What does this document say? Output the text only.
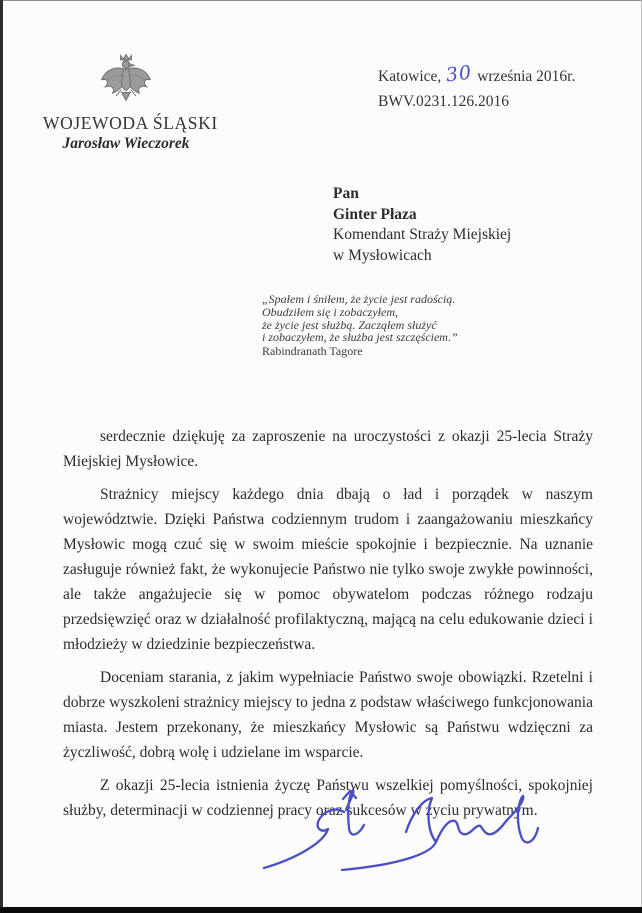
WOJEWODA ŚLĄSKI
Jarosław Wieczorek
Katowice, 30 września 2016r.
BWV.0231.126.2016
Pan
Ginter Płaza
Komendant Straży Miejskiej
w Mysłowicach
„Spałem i śniłem, że życie jest radością.
Obudziłem się i zobaczyłem,
że życie jest służbą. Zacząłem służyć
i zobaczyłem, że służba jest szczęściem.”
Rabindranath Tagore

serdecznie dziękuję za zaproszenie na uroczystości z okazji 25-lecia Straży Miejskiej Mysłowice.

Strażnicy miejscy każdego dnia dbają o ład i porządek w naszym województwie. Dzięki Państwa codziennym trudom i zaangażowaniu mieszkańcy Mysłowic mogą czuć się w swoim mieście spokojnie i bezpiecznie. Na uznanie zasługuje również fakt, że wykonujecie Państwo nie tylko swoje zwykłe powinności, ale także angażujecie się w pomoc obywatelom podczas różnego rodzaju przedsięwzięć oraz w działalność profilaktyczną, mającą na celu edukowanie dzieci i młodzieży w dziedzinie bezpieczeństwa.

Doceniam starania, z jakim wypełniacie Państwo swoje obowiązki. Rzetelni i dobrze wyszkoleni strażnicy miejscy to jedna z podstaw właściwego funkcjonowania miasta. Jestem przekonany, że mieszkańcy Mysłowic są Państwu wdzięczni za życzliwość, dobrą wolę i udzielane im wsparcie.

Z okazji 25-lecia istnienia życzę Państwu wszelkiej pomyślności, spokojniej służby, determinacji w codziennej pracy oraz sukcesów w życiu prywatnym.
